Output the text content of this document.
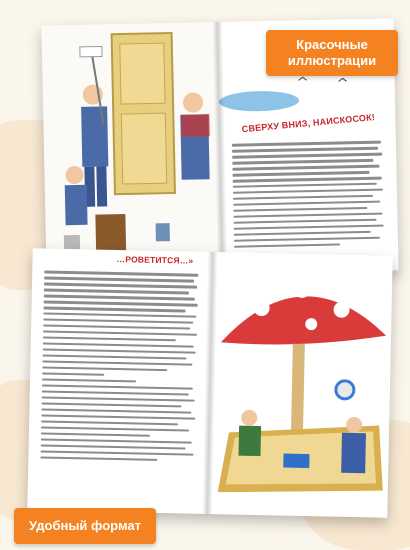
СВЕРХУ ВНИЗ, НАИСКОСОК!
…РОВЕТИТСЯ…»
Красочные иллюстрации
Удобный формат
